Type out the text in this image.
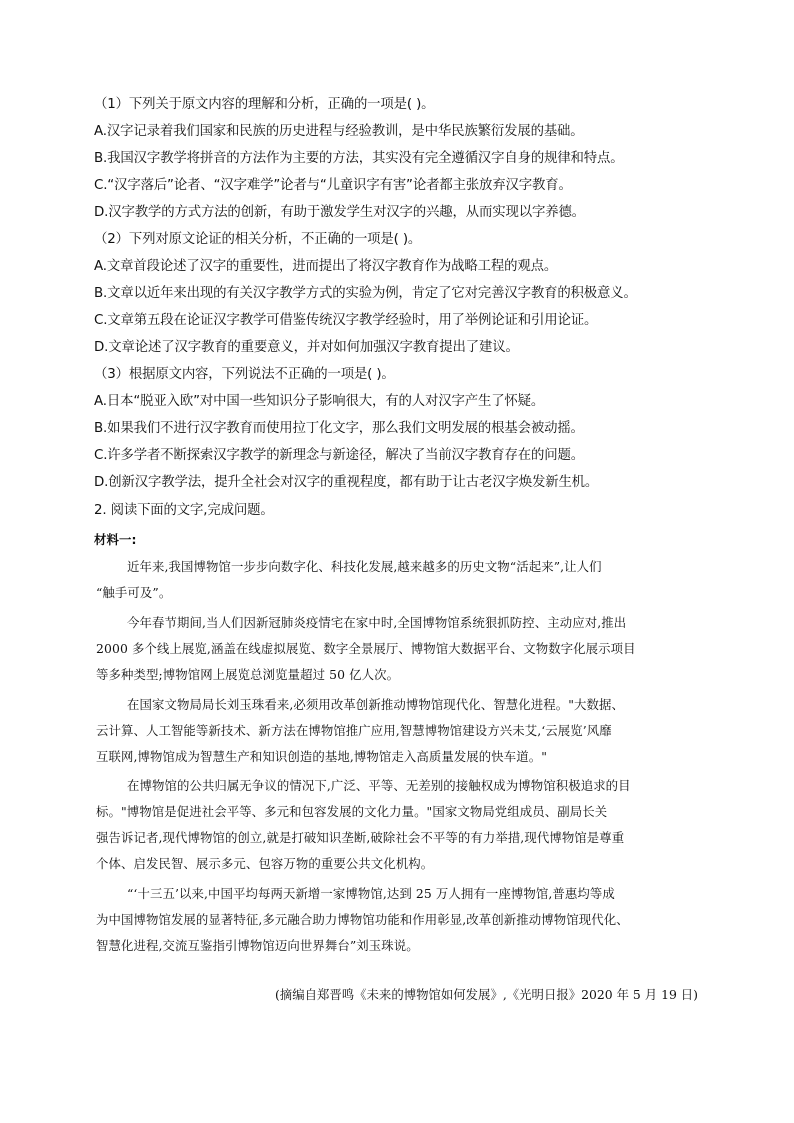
（1）下列关于原文内容的理解和分析，正确的一项是( )。
A.汉字记录着我们国家和民族的历史进程与经验教训，是中华民族繁衍发展的基础。
B.我国汉字教学将拼音的方法作为主要的方法，其实没有完全遵循汉字自身的规律和特点。
C.“汉字落后”论者、“汉字难学”论者与“儿童识字有害”论者都主张放弃汉字教育。
D.汉字教学的方式方法的创新，有助于激发学生对汉字的兴趣，从而实现以字养德。
（2）下列对原文论证的相关分析，不正确的一项是( )。
A.文章首段论述了汉字的重要性，进而提出了将汉字教育作为战略工程的观点。
B.文章以近年来出现的有关汉字教学方式的实验为例，肯定了它对完善汉字教育的积极意义。
C.文章第五段在论证汉字教学可借鉴传统汉字教学经验时，用了举例论证和引用论证。
D.文章论述了汉字教育的重要意义，并对如何加强汉字教育提出了建议。
（3）根据原文内容，下列说法不正确的一项是( )。
A.日本“脱亚入欧”对中国一些知识分子影响很大，有的人对汉字产生了怀疑。
B.如果我们不进行汉字教育而使用拉丁化文字，那么我们文明发展的根基会被动摇。
C.许多学者不断探索汉字教学的新理念与新途径，解决了当前汉字教育存在的问题。
D.创新汉字教学法，提升全社会对汉字的重视程度，都有助于让古老汉字焕发新生机。
2. 阅读下面的文字,完成问题。
材料一:
近年来,我国博物馆一步步向数字化、科技化发展,越来越多的历史文物“活起来”,让人们
“触手可及”。
今年春节期间,当人们因新冠肺炎疫情宅在家中时,全国博物馆系统狠抓防控、主动应对,推出
2000 多个线上展览,涵盖在线虚拟展览、数字全景展厅、博物馆大数据平台、文物数字化展示项目
等多种类型;博物馆网上展览总浏览量超过 50 亿人次。
在国家文物局局长刘玉珠看来,必须用改革创新推动博物馆现代化、智慧化进程。"大数据、
云计算、人工智能等新技术、新方法在博物馆推广应用,智慧博物馆建设方兴未艾,‘云展览’风靡
互联网,博物馆成为智慧生产和知识创造的基地,博物馆走入高质量发展的快车道。"
在博物馆的公共归属无争议的情况下,广泛、平等、无差别的接触权成为博物馆积极追求的目
标。"博物馆是促进社会平等、多元和包容发展的文化力量。"国家文物局党组成员、副局长关
强告诉记者,现代博物馆的创立,就是打破知识垄断,破除社会不平等的有力举措,现代博物馆是尊重
个体、启发民智、展示多元、包容万物的重要公共文化机构。
“‘十三五’以来,中国平均每两天新增一家博物馆,达到 25 万人拥有一座博物馆,普惠均等成
为中国博物馆发展的显著特征,多元融合助力博物馆功能和作用彰显,改革创新推动博物馆现代化、
智慧化进程,交流互鉴指引博物馆迈向世界舞台”刘玉珠说。
(摘编自郑晋鸣《未来的博物馆如何发展》,《光明日报》2020 年 5 月 19 日)
